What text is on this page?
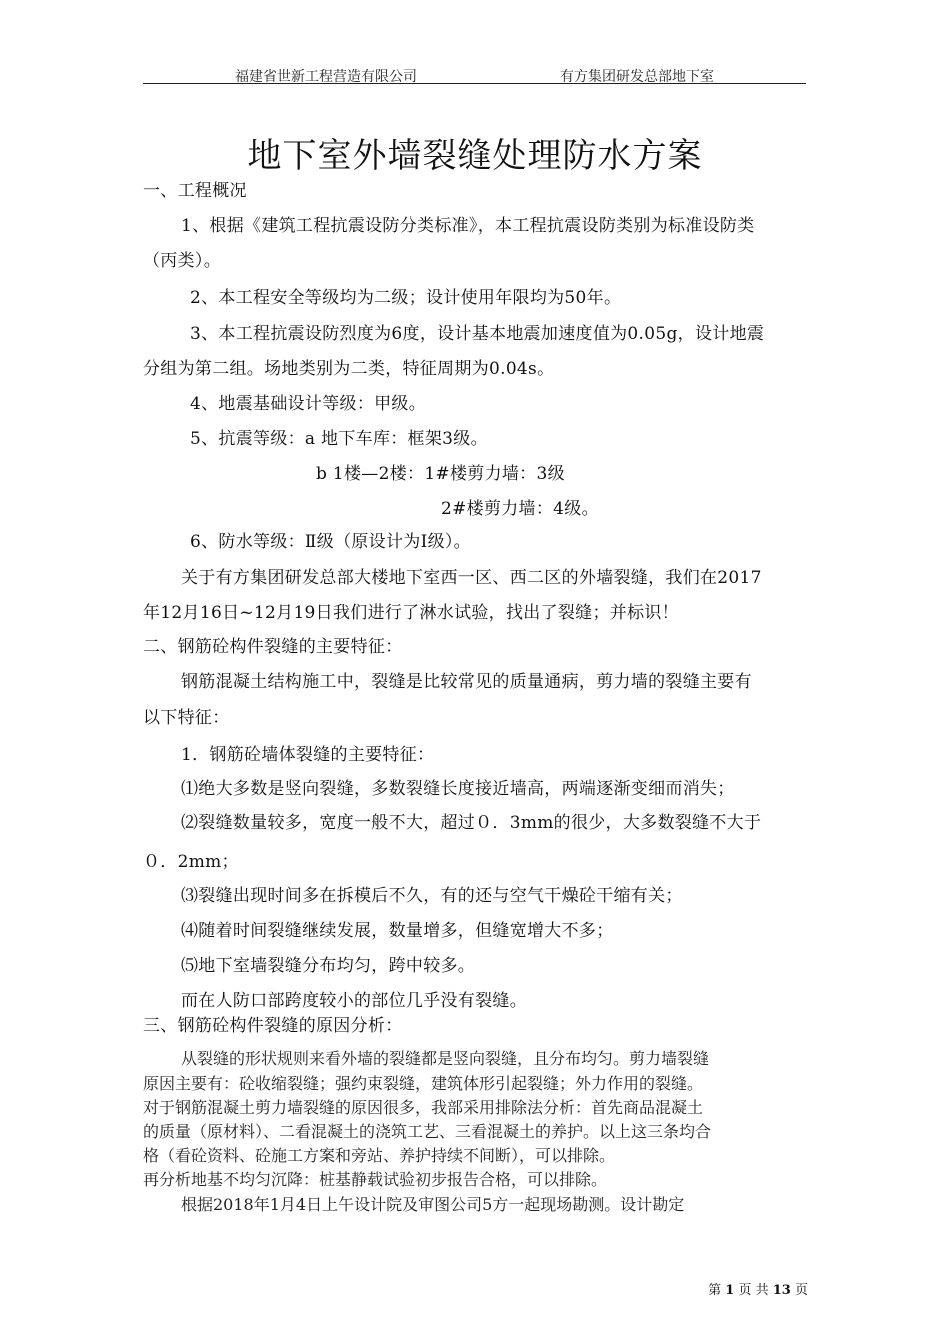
福建省世新工程营造有限公司	有方集团研发总部地下室
地下室外墙裂缝处理防水方案
一、工程概况
1、根据《建筑工程抗震设防分类标准》，本工程抗震设防类别为标准设防类
（丙类）。
2、本工程安全等级均为二级；设计使用年限均为50年。
3、本工程抗震设防烈度为6度，设计基本地震加速度值为0.05g，设计地震
分组为第二组。场地类别为二类，特征周期为0.04s。
4、地震基础设计等级：甲级。
5、抗震等级：a 地下车库：框架3级。
b 1楼—2楼：1#楼剪力墙：3级
2#楼剪力墙：4级。
6、防水等级：Ⅱ级（原设计为Ⅰ级）。
关于有方集团研发总部大楼地下室西一区、西二区的外墙裂缝，我们在2017
年12月16日~12月19日我们进行了淋水试验，找出了裂缝；并标识！
二、钢筋砼构件裂缝的主要特征：
钢筋混凝土结构施工中，裂缝是比较常见的质量通病，剪力墙的裂缝主要有
以下特征：
1．钢筋砼墙体裂缝的主要特征：
⑴绝大多数是竖向裂缝，多数裂缝长度接近墙高，两端逐渐变细而消失；
⑵裂缝数量较多，宽度一般不大，超过０．3mm的很少，大多数裂缝不大于
０．2mm；
⑶裂缝出现时间多在拆模后不久，有的还与空气干燥砼干缩有关；
⑷随着时间裂缝继续发展，数量增多，但缝宽增大不多；
⑸地下室墙裂缝分布均匀，跨中较多。
而在人防口部跨度较小的部位几乎没有裂缝。
三、钢筋砼构件裂缝的原因分析：
从裂缝的形状规则来看外墙的裂缝都是竖向裂缝，且分布均匀。剪力墙裂缝
原因主要有：砼收缩裂缝；强约束裂缝，建筑体形引起裂缝；外力作用的裂缝。
对于钢筋混凝土剪力墙裂缝的原因很多，我部采用排除法分析：首先商品混凝土
的质量（原材料）、二看混凝土的浇筑工艺、三看混凝土的养护。以上这三条均合
格（看砼资料、砼施工方案和旁站、养护持续不间断），可以排除。
再分析地基不均匀沉降：桩基静载试验初步报告合格，可以排除。
根据2018年1月4日上午设计院及审图公司5方一起现场勘测。设计勘定
第 1 页 共 13 页
